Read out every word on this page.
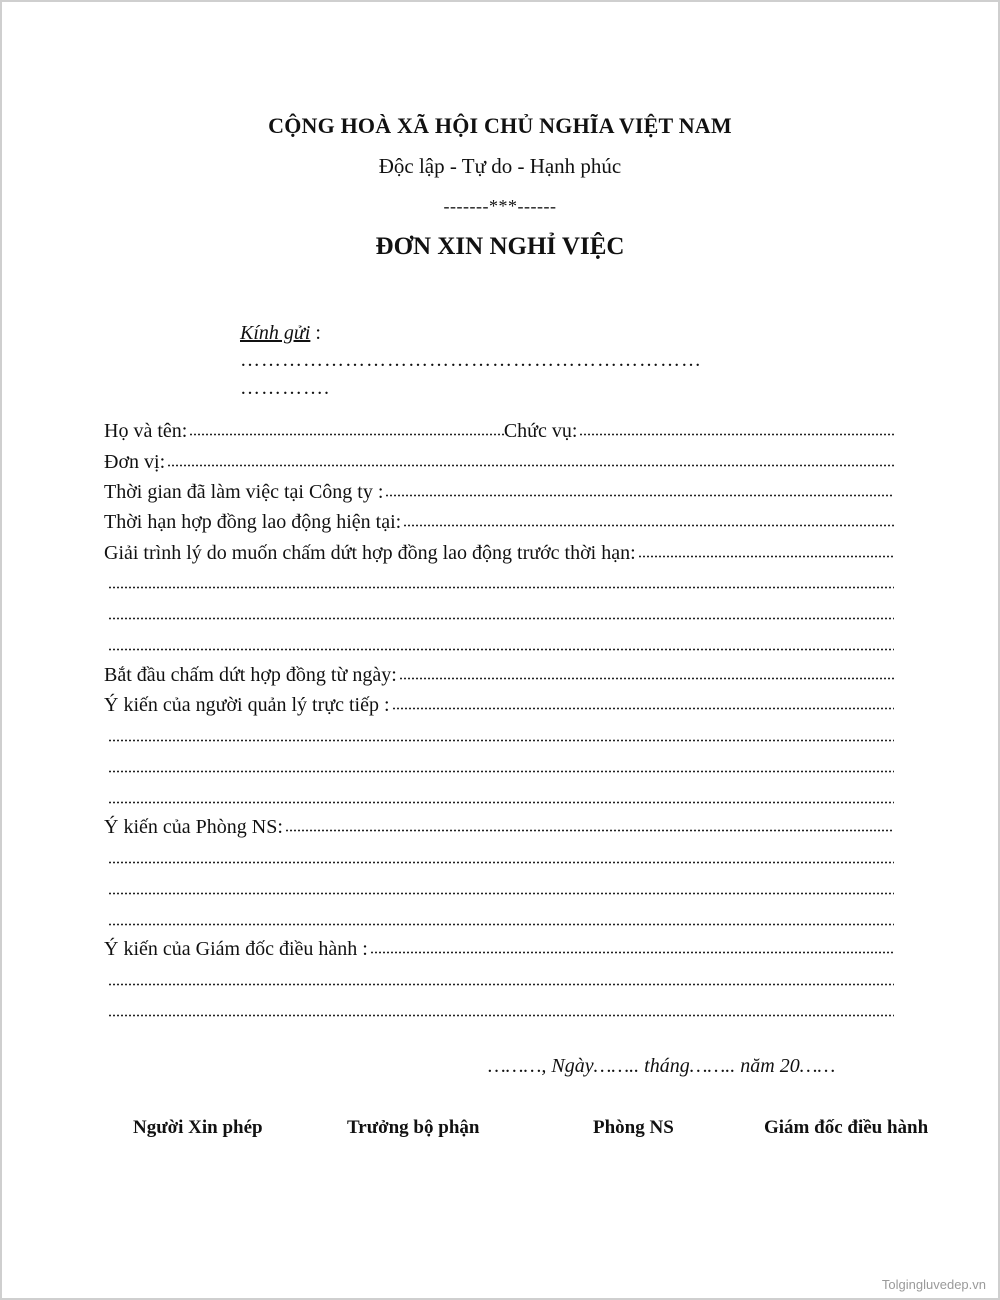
CỘNG HOÀ XÃ HỘI CHỦ NGHĨA VIỆT NAM
Độc lập - Tự do - Hạnh phúc
-------***------
ĐƠN XIN NGHỈ VIỆC
Kính gửi :
…………………………………………………………
………….
Họ và tên:	Chức vụ:
Đơn vị:
Thời gian đã làm việc tại Công ty :
Thời hạn hợp đồng lao động hiện tại:
Giải trình lý do muốn chấm dứt hợp đồng lao động trước thời hạn:
Bắt đầu chấm dứt hợp đồng từ ngày:
Ý kiến của người quản lý trực tiếp :
Ý kiến của Phòng NS:
Ý kiến của Giám đốc điều hành :
………, Ngày…….. tháng…….. năm 20……
Người Xin phép	Trưởng bộ phận	Phòng NS	Giám đốc điều hành
Tolgingluvedep.vn
